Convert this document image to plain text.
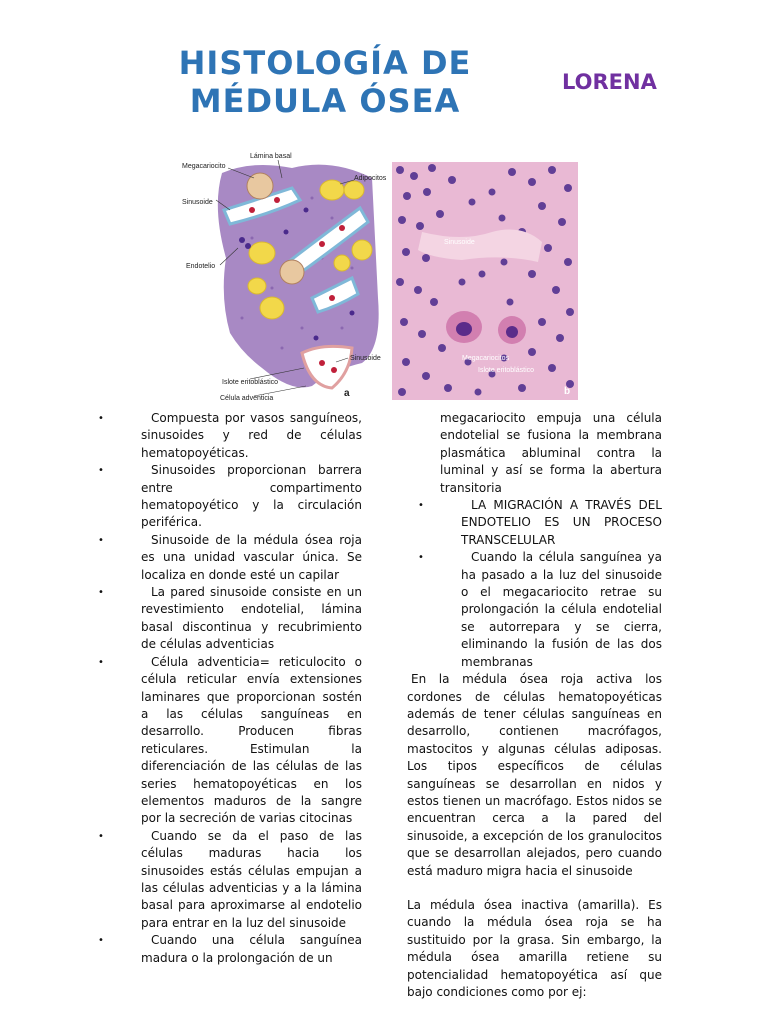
HISTOLOGÍA DE
MÉDULA ÓSEA	LORENA
Megacariocito
Lámina basal
Adipocitos
Sinusoide
Endotelio
Sinusoide
Islote eritoblástico
Célula adventicia	a
Sinusoide
Megacariocitos
Islote eritoblástico
b
•	Compuesta por vasos sanguíneos, sinusoides y red de células hematopoyéticas.
•	Sinusoides proporcionan barrera entre compartimento hematopoyético y la circulación periférica.
•	Sinusoide de la médula ósea roja es una unidad vascular única. Se localiza en donde esté un capilar
•	La pared sinusoide consiste en un revestimiento endotelial, lámina basal discontinua y recubrimiento de células adventicias
•	Célula adventicia= reticulocito o célula reticular envía extensiones laminares que proporcionan sostén a las células sanguíneas en desarrollo. Producen fibras reticulares. Estimulan la diferenciación de las células de las series hematopoyéticas en los elementos maduros de la sangre por la secreción de varias citocinas
•	Cuando se da el paso de las células maduras hacia los sinusoides estás células empujan a las células adventicias y a la lámina basal para aproximarse al endotelio para entrar en la luz del sinusoide
•	Cuando una célula sanguínea madura o la prolongación de un
megacariocito empuja una célula endotelial se fusiona la membrana plasmática abluminal contra la luminal y así se forma la abertura transitoria
•	LA MIGRACIÓN A TRAVÉS DEL ENDOTELIO ES UN PROCESO TRANSCELULAR
•	Cuando la célula sanguínea ya ha pasado a la luz del sinusoide o el megacariocito retrae su prolongación la célula endotelial se autorrepara y se cierra, eliminando la fusión de las dos membranas
En la médula ósea roja activa los cordones de células hematopoyéticas además de tener células sanguíneas en desarrollo, contienen macrófagos, mastocitos y algunas células adiposas. Los tipos específicos de células sanguíneas se desarrollan en nidos y estos tienen un macrófago. Estos nidos se encuentran cerca a la pared del sinusoide, a excepción de los granulocitos que se desarrollan alejados, pero cuando está maduro migra hacia el sinusoide
La médula ósea inactiva (amarilla). Es cuando la médula ósea roja se ha sustituido por la grasa. Sin embargo, la médula ósea amarilla retiene su potencialidad hematopoyética así que bajo condiciones como por ej:
